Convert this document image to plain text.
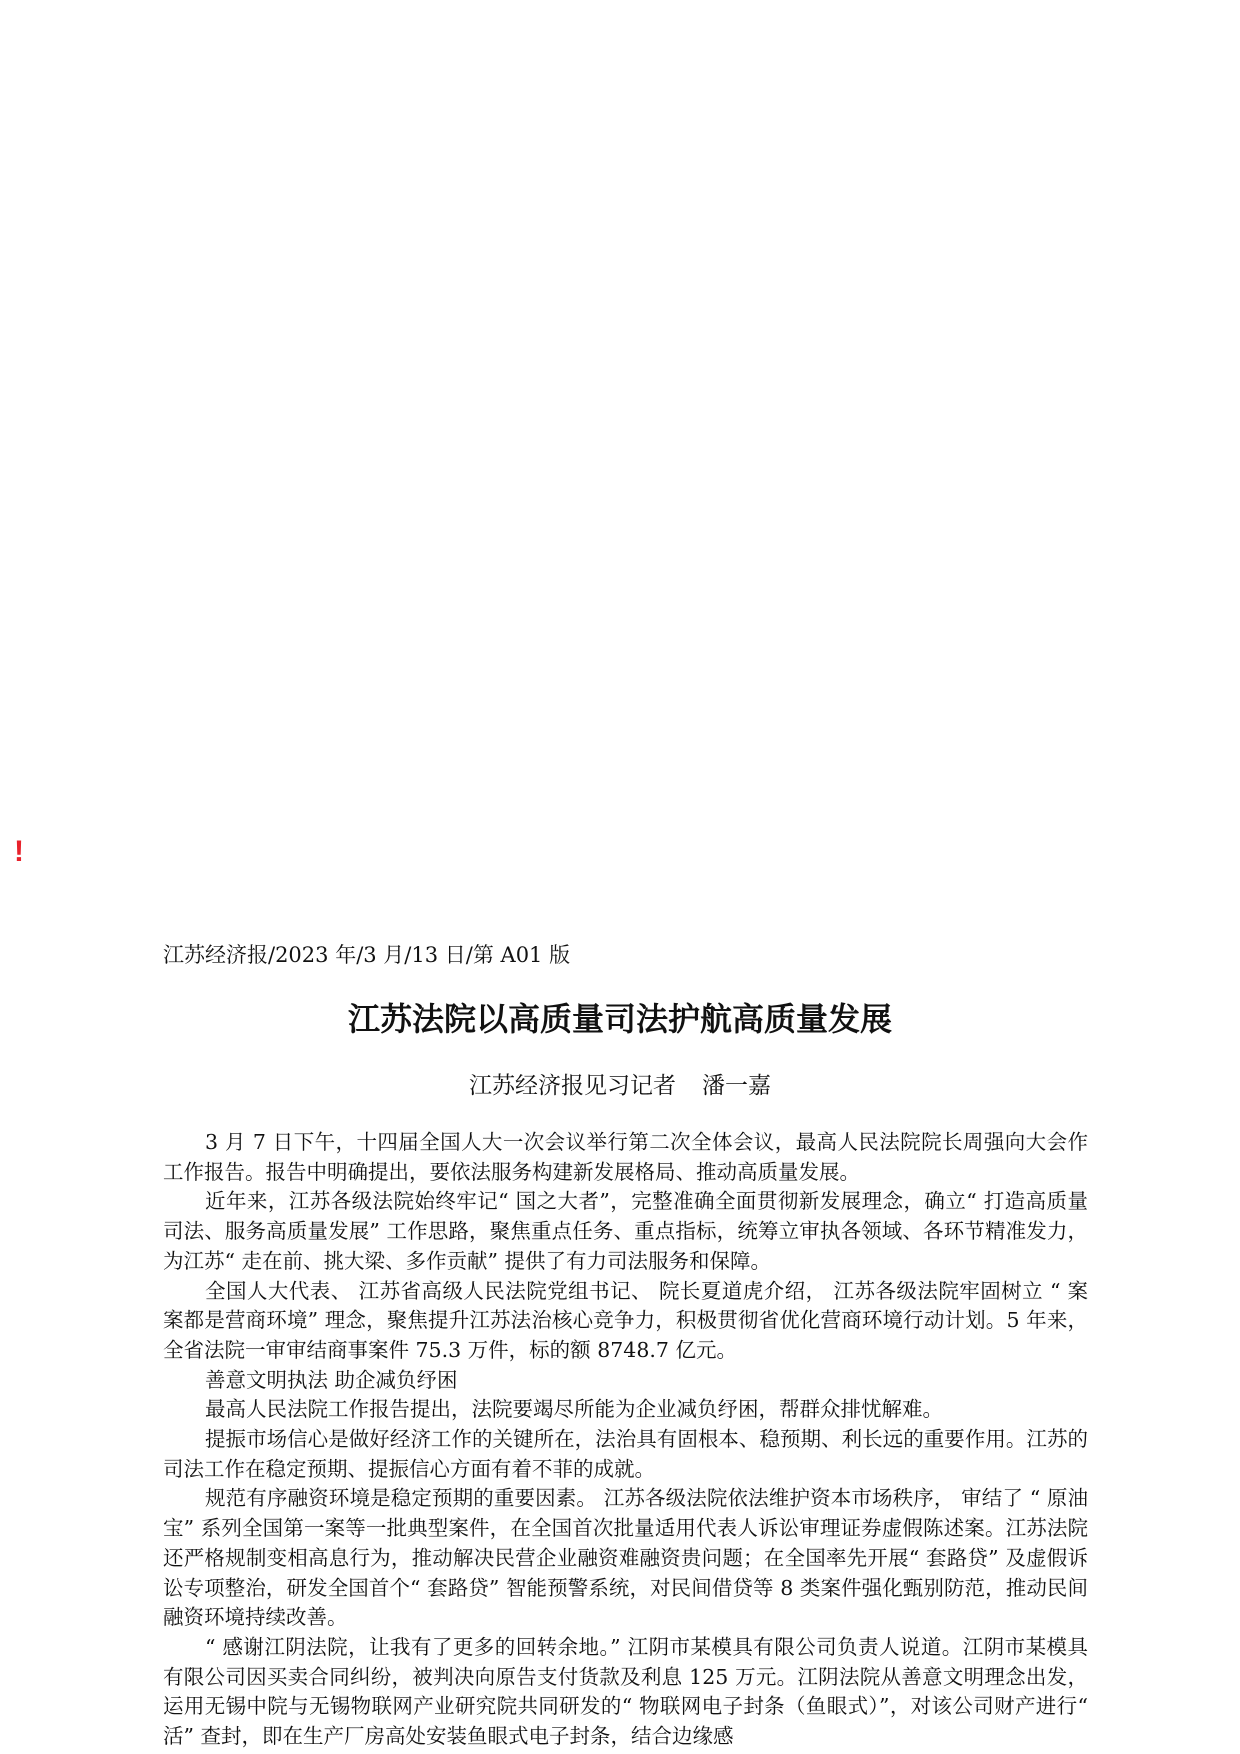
!
江苏经济报/2023 年/3 月/13 日/第 A01 版
江苏法院以高质量司法护航高质量发展
江苏经济报见习记者 潘一嘉

3 月 7 日下午，十四届全国人大一次会议举行第二次全体会议，最高人民法院院长周强向大会作工作报告。报告中明确提出，要依法服务构建新发展格局、推动高质量发展。

近年来，江苏各级法院始终牢记“ 国之大者”，完整准确全面贯彻新发展理念，确立“ 打造高质量司法、服务高质量发展” 工作思路，聚焦重点任务、重点指标，统筹立审执各领域、各环节精准发力，为江苏“ 走在前、挑大梁、多作贡献” 提供了有力司法服务和保障。

全国人大代表、 江苏省高级人民法院党组书记、 院长夏道虎介绍， 江苏各级法院牢固树立 “ 案案都是营商环境” 理念，聚焦提升江苏法治核心竞争力，积极贯彻省优化营商环境行动计划。5 年来，全省法院一审审结商事案件 75.3 万件，标的额 8748.7 亿元。

善意文明执法 助企减负纾困

最高人民法院工作报告提出，法院要竭尽所能为企业减负纾困，帮群众排忧解难。

提振市场信心是做好经济工作的关键所在，法治具有固根本、稳预期、利长远的重要作用。江苏的司法工作在稳定预期、提振信心方面有着不菲的成就。

规范有序融资环境是稳定预期的重要因素。 江苏各级法院依法维护资本市场秩序， 审结了 “ 原油宝” 系列全国第一案等一批典型案件，在全国首次批量适用代表人诉讼审理证券虚假陈述案。江苏法院还严格规制变相高息行为，推动解决民营企业融资难融资贵问题；在全国率先开展“ 套路贷” 及虚假诉讼专项整治，研发全国首个“ 套路贷” 智能预警系统，对民间借贷等 8 类案件强化甄别防范，推动民间融资环境持续改善。

“ 感谢江阴法院，让我有了更多的回转余地。” 江阴市某模具有限公司负责人说道。江阴市某模具有限公司因买卖合同纠纷，被判决向原告支付货款及利息 125 万元。江阴法院从善意文明理念出发，运用无锡中院与无锡物联网产业研究院共同研发的“ 物联网电子封条（鱼眼式）”，对该公司财产进行“ 活” 查封，即在生产厂房高处安装鱼眼式电子封条，结合边缘感
